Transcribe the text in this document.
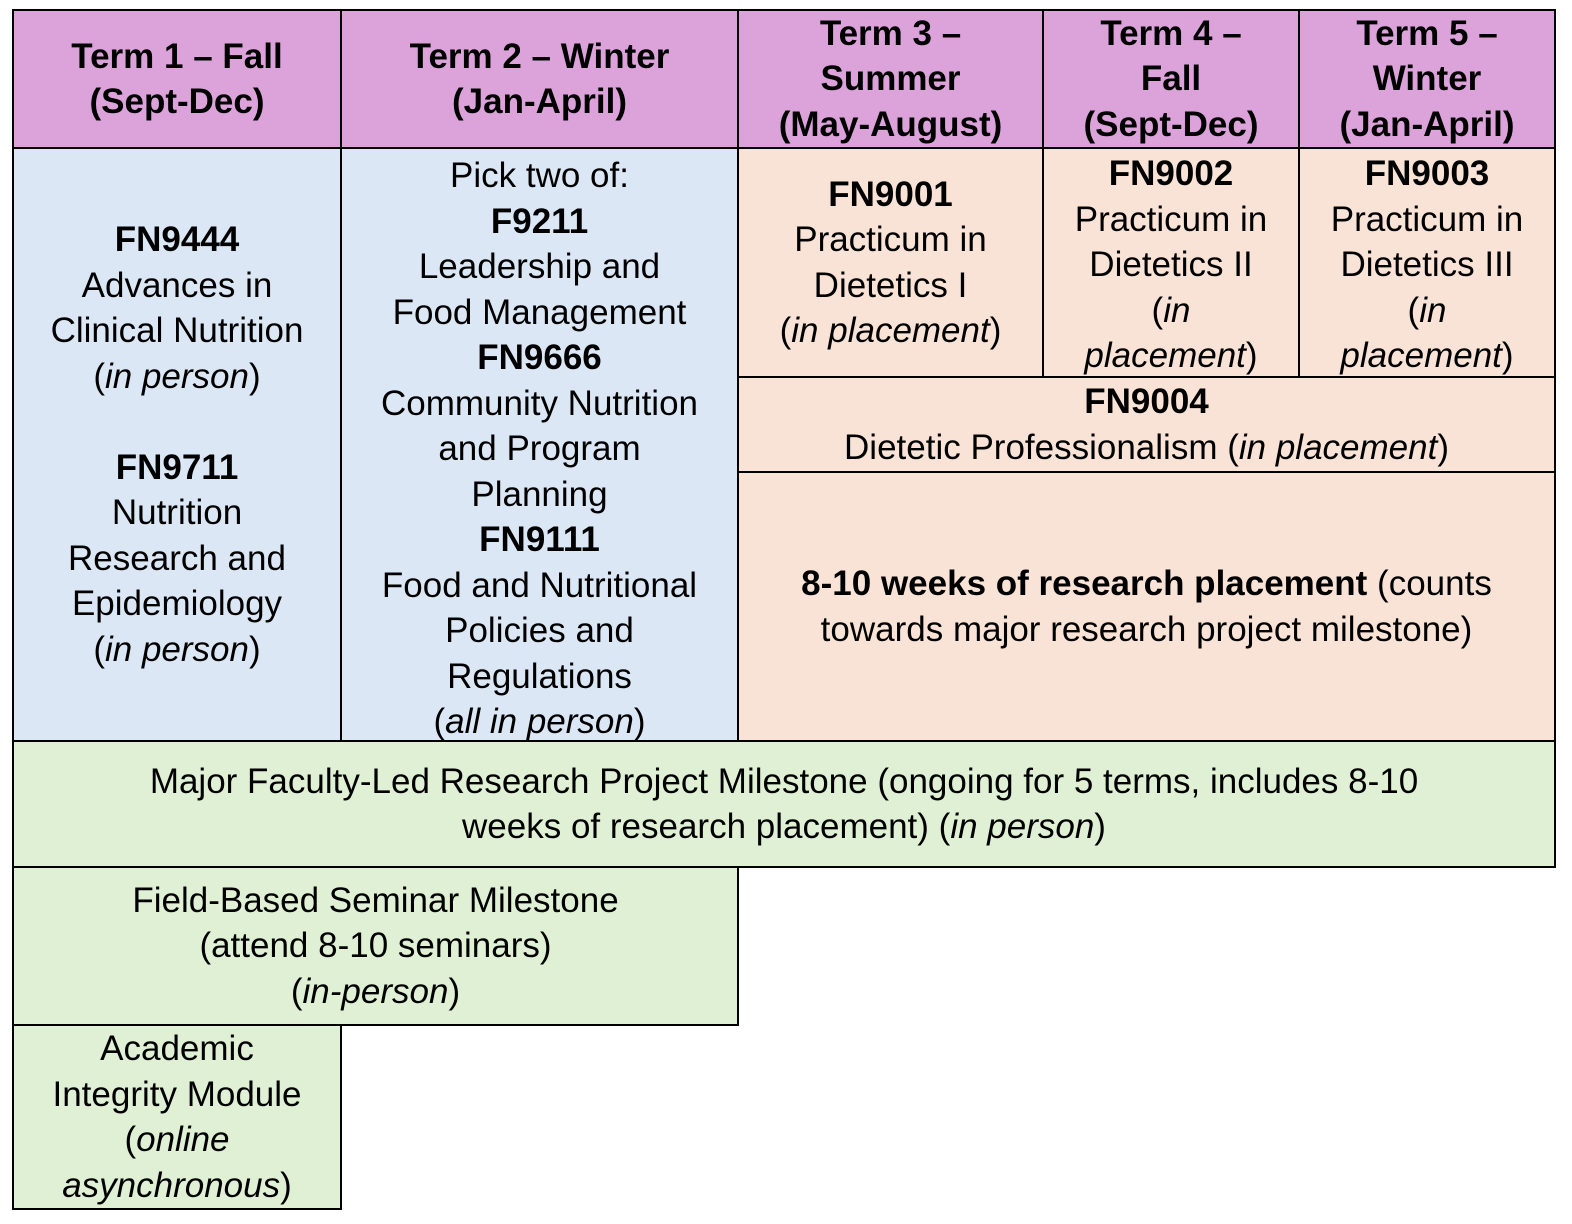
Term 1 – Fall
(Sept-Dec)
Term 2 – Winter
(Jan-April)
Term 3 –
Summer
(May-August)
Term 4 –
Fall
(Sept-Dec)
Term 5 –
Winter
(Jan-April)
FN9444
Advances in
Clinical Nutrition
(in person)

FN9711
Nutrition
Research and
Epidemiology
(in person)
Pick two of:
F9211
Leadership and
Food Management
FN9666
Community Nutrition
and Program
Planning
FN9111
Food and Nutritional
Policies and
Regulations
(all in person)
FN9001
Practicum in
Dietetics I
(in placement)
FN9002
Practicum in
Dietetics II
(in
placement)
FN9003
Practicum in
Dietetics III
(in
placement)
FN9004
Dietetic Professionalism (in placement)
8-10 weeks of research placement (counts
towards major research project milestone)
Major Faculty-Led Research Project Milestone (ongoing for 5 terms, includes 8-10
weeks of research placement) (in person)
Field-Based Seminar Milestone
(attend 8-10 seminars)
(in-person)
Academic
Integrity Module
(online
asynchronous)
